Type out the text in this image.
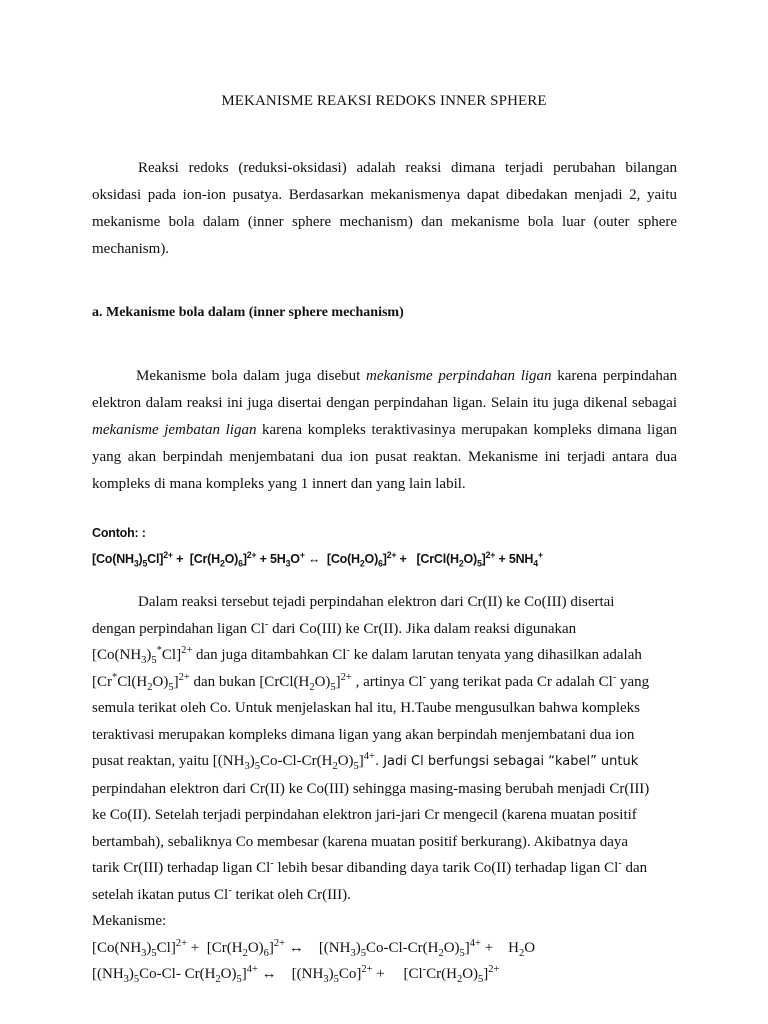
MEKANISME REAKSI REDOKS INNER SPHERE

Reaksi redoks (reduksi-oksidasi) adalah reaksi dimana terjadi perubahan bilangan oksidasi pada ion-ion pusatya. Berdasarkan mekanismenya dapat dibedakan menjadi 2, yaitu mekanisme bola dalam (inner sphere mechanism) dan mekanisme bola luar (outer sphere mechanism).

a. Mekanisme bola dalam (inner sphere mechanism)

Mekanisme bola dalam juga disebut mekanisme perpindahan ligan karena perpindahan elektron dalam reaksi ini juga disertai dengan perpindahan ligan. Selain itu juga dikenal sebagai mekanisme jembatan ligan karena kompleks teraktivasinya merupakan kompleks dimana ligan yang akan berpindah menjembatani dua ion pusat reaktan. Mekanisme ini terjadi antara dua kompleks di mana kompleks yang 1 innert dan yang lain labil.

Contoh: :
$[Co(NH_3)_5Cl]^{2+} + [Cr(H_2O)_6]^{2+} + 5H_3O^+$ ↔  $[Co(H_2O)_6]^{2+}$ +   $[CrCl(H_2O)_5]^{2+} + 5NH_4^+$
Dalam reaksi tersebut tejadi perpindahan elektron dari Cr(II) ke Co(III) disertai
dengan perpindahan ligan Cl- dari Co(III) ke Cr(II). Jika dalam reaksi digunakan
$[Co(NH_3)_5^*Cl]^{2+}$ dan juga ditambahkan Cl- ke dalam larutan tenyata yang dihasilkan adalah
$[Cr^*Cl(H_2O)_5]^{2+}$ dan bukan $[CrCl(H_2O)_5]^{2+}$ , artinya Cl- yang terikat pada Cr adalah Cl- yang
semula terikat oleh Co. Untuk menjelaskan hal itu, H.Taube mengusulkan bahwa kompleks
teraktivasi merupakan kompleks dimana ligan yang akan berpindah menjembatani dua ion
pusat reaktan, yaitu $[(NH_3)_5Co-Cl-Cr(H_2O)_5]^{4+}$. Jadi Cl berfungsi sebagai “kabel” untuk
perpindahan elektron dari Cr(II) ke Co(III) sehingga masing-masing berubah menjadi Cr(III)
ke Co(II). Setelah terjadi perpindahan elektron jari-jari Cr mengecil (karena muatan positif
bertambah), sebaliknya Co membesar (karena muatan positif berkurang). Akibatnya daya
tarik Cr(III) terhadap ligan Cl- lebih besar dibanding daya tarik Co(II) terhadap ligan Cl- dan
setelah ikatan putus Cl- terikat oleh Cr(III).
Mekanisme:
$[Co(NH_3)_5Cl]^{2+} + [Cr(H_2O)_6]^{2+}$ ↔    $[(NH_3)_5Co-Cl-Cr(H_2O)_5]^{4+}$ +    $H_2O$
[$(NH_3)_5Co-Cl-$ $Cr(H_2O)_5]^{4+}$ ↔    $[(NH_3)_5Co]^{2+}$ +     $[Cl^-Cr(H_2O)_5]^{2+}$
